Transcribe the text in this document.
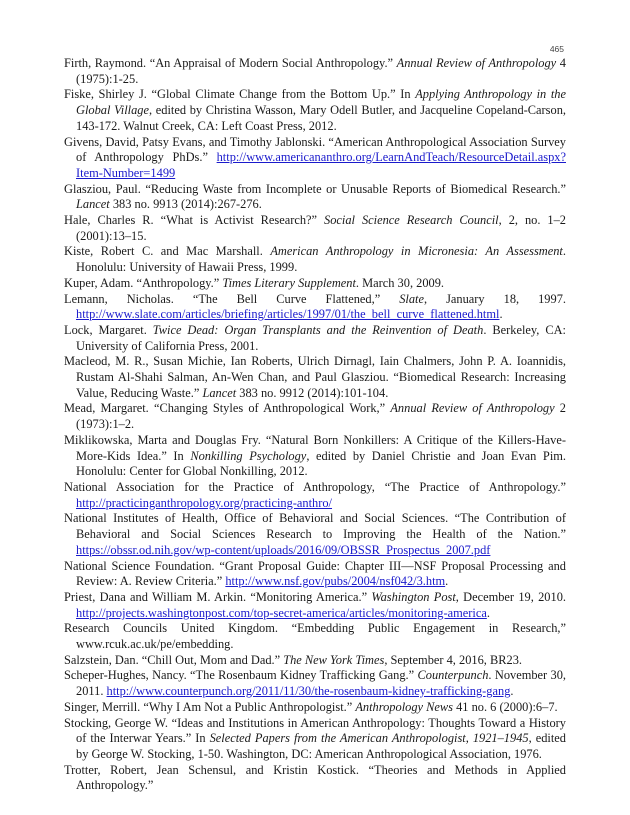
465

Firth, Raymond. “An Appraisal of Modern Social Anthropology.” Annual Review of Anthropology 4 (1975):1-25.

Fiske, Shirley J. “Global Climate Change from the Bottom Up.” In Applying Anthropology in the Global Village, edited by Christina Wasson, Mary Odell Butler, and Jacqueline Copeland-Carson, 143-172. Walnut Creek, CA: Left Coast Press, 2012.

Givens, David, Patsy Evans, and Timothy Jablonski. “American Anthropological Association Survey of Anthropology PhDs.” http://www.americananthro.org/LearnAndTeach/ResourceDetail.aspx?Item-Number=1499

Glasziou, Paul. “Reducing Waste from Incomplete or Unusable Reports of Biomedical Research.” Lancet 383 no. 9913 (2014):267-276.

Hale, Charles R. “What is Activist Research?” Social Science Research Council, 2, no. 1–2 (2001):13–15.

Kiste, Robert C. and Mac Marshall. American Anthropology in Micronesia: An Assessment. Honolulu: University of Hawaii Press, 1999.

Kuper, Adam. “Anthropology.” Times Literary Supplement. March 30, 2009.

Lemann, Nicholas. “The Bell Curve Flattened,” Slate, January 18, 1997. http://www.slate.com/articles/briefing/articles/1997/01/the_bell_curve_flattened.html.

Lock, Margaret. Twice Dead: Organ Transplants and the Reinvention of Death. Berkeley, CA: University of California Press, 2001.

Macleod, M. R., Susan Michie, Ian Roberts, Ulrich Dirnagl, Iain Chalmers, John P. A. Ioannidis, Rustam Al-Shahi Salman, An-Wen Chan, and Paul Glasziou. “Biomedical Research: Increasing Value, Reducing Waste.” Lancet 383 no. 9912 (2014):101-104.

Mead, Margaret. “Changing Styles of Anthropological Work,” Annual Review of Anthropology 2 (1973):1–2.

Miklikowska, Marta and Douglas Fry. “Natural Born Nonkillers: A Critique of the Killers-Have-More-Kids Idea.” In Nonkilling Psychology, edited by Daniel Christie and Joan Evan Pim. Honolulu: Center for Global Nonkilling, 2012.

National Association for the Practice of Anthropology, “The Practice of Anthropology.” http://practicinganthropology.org/practicing-anthro/

National Institutes of Health, Office of Behavioral and Social Sciences. “The Contribution of Behavioral and Social Sciences Research to Improving the Health of the Nation.” https://obssr.od.nih.gov/wp-content/uploads/2016/09/OBSSR_Prospectus_2007.pdf

National Science Foundation. “Grant Proposal Guide: Chapter III—NSF Proposal Processing and Review: A. Review Criteria.” http://www.nsf.gov/pubs/2004/nsf042/3.htm.

Priest, Dana and William M. Arkin. “Monitoring America.” Washington Post, December 19, 2010. http://projects.washingtonpost.com/top-secret-america/articles/monitoring-america.

Research Councils United Kingdom. “Embedding Public Engagement in Research,” www.rcuk.ac.uk/pe/embedding.

Salzstein, Dan. “Chill Out, Mom and Dad.” The New York Times, September 4, 2016, BR23.

Scheper-Hughes, Nancy. “The Rosenbaum Kidney Trafficking Gang.” Counterpunch. November 30, 2011. http://www.counterpunch.org/2011/11/30/the-rosenbaum-kidney-trafficking-gang.

Singer, Merrill. “Why I Am Not a Public Anthropologist.” Anthropology News 41 no. 6 (2000):6–7.

Stocking, George W. “Ideas and Institutions in American Anthropology: Thoughts Toward a History of the Interwar Years.” In Selected Papers from the American Anthropologist, 1921–1945, edited by George W. Stocking, 1-50. Washington, DC: American Anthropological Association, 1976.

Trotter, Robert, Jean Schensul, and Kristin Kostick. “Theories and Methods in Applied Anthropology.”
